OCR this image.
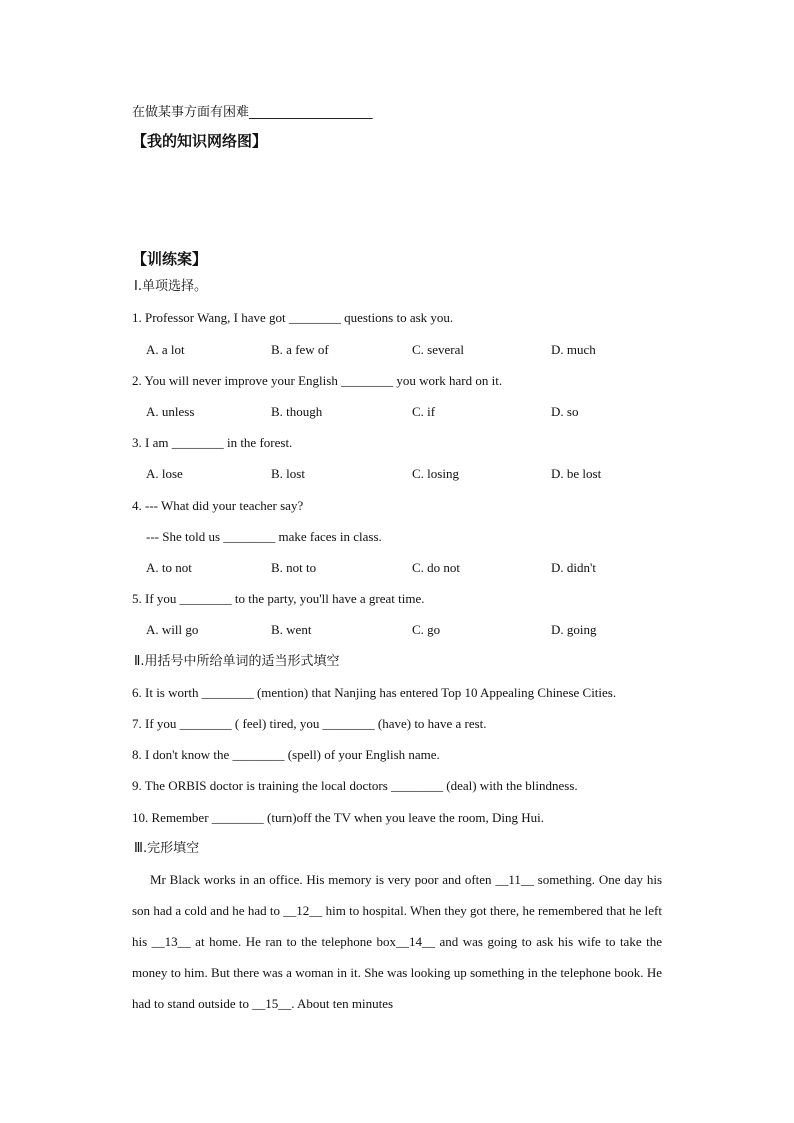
在做某事方面有困难___________________
【我的知识网络图】
【训练案】
Ⅰ.单项选择。
1. Professor Wang, I have got ________ questions to ask you.
A. a lot	B. a few of	C. several	D. much
2. You will never improve your English ________ you work hard on it.
A. unless	B. though	C. if	D. so
3. I am ________ in the forest.
A. lose	B. lost	C. losing	D. be lost
4. --- What did your teacher say?
--- She told us ________ make faces in class.
A. to not	B. not to	C. do not	D. didn't
5. If you ________ to the party, you'll have a great time.
A. will go	B. went	C. go	D. going
Ⅱ.用括号中所给单词的适当形式填空
6. It is worth ________ (mention) that Nanjing has entered Top 10 Appealing Chinese Cities.
7. If you ________ ( feel) tired, you ________ (have) to have a rest.
8. I don't know the ________ (spell) of your English name.
9. The ORBIS doctor is training the local doctors ________ (deal) with the blindness.
10. Remember ________ (turn)off the TV when you leave the room, Ding Hui.
Ⅲ.完形填空
Mr Black works in an office. His memory is very poor and often __11__ something. One day his son had a cold and he had to __12__ him to hospital. When they got there, he remembered that he left his __13__ at home. He ran to the telephone box__14__ and was going to ask his wife to take the money to him. But there was a woman in it. She was looking up something in the telephone book. He had to stand outside to __15__. About ten minutes
